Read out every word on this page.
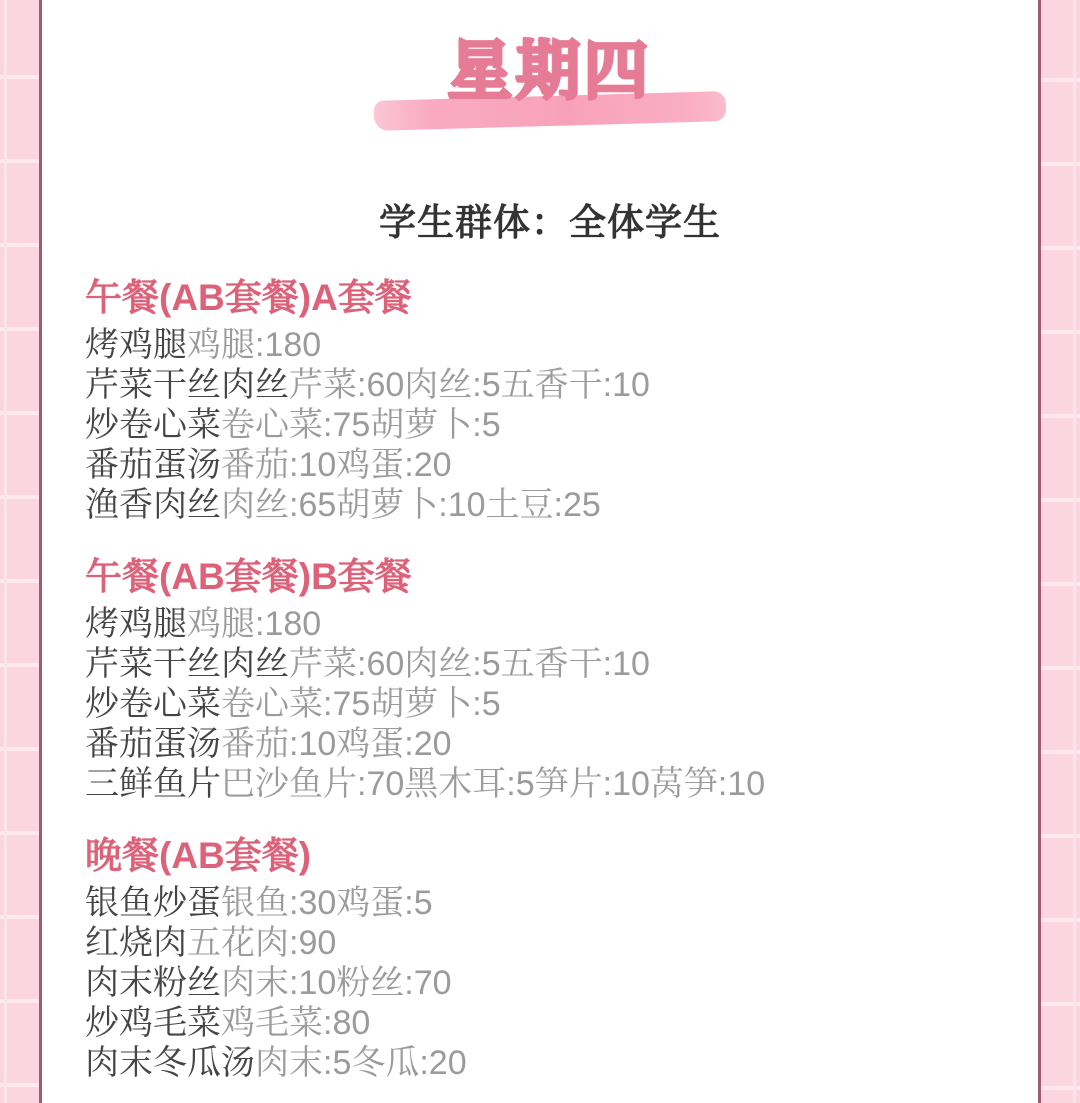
星期四
学生群体：全体学生
午餐(AB套餐)A套餐
烤鸡腿鸡腿:180
芹菜干丝肉丝芹菜:60肉丝:5五香干:10
炒卷心菜卷心菜:75胡萝卜:5
番茄蛋汤番茄:10鸡蛋:20
渔香肉丝肉丝:65胡萝卜:10土豆:25
午餐(AB套餐)B套餐
烤鸡腿鸡腿:180
芹菜干丝肉丝芹菜:60肉丝:5五香干:10
炒卷心菜卷心菜:75胡萝卜:5
番茄蛋汤番茄:10鸡蛋:20
三鲜鱼片巴沙鱼片:70黑木耳:5笋片:10莴笋:10
晚餐(AB套餐)
银鱼炒蛋银鱼:30鸡蛋:5
红烧肉五花肉:90
肉末粉丝肉末:10粉丝:70
炒鸡毛菜鸡毛菜:80
肉末冬瓜汤肉末:5冬瓜:20
